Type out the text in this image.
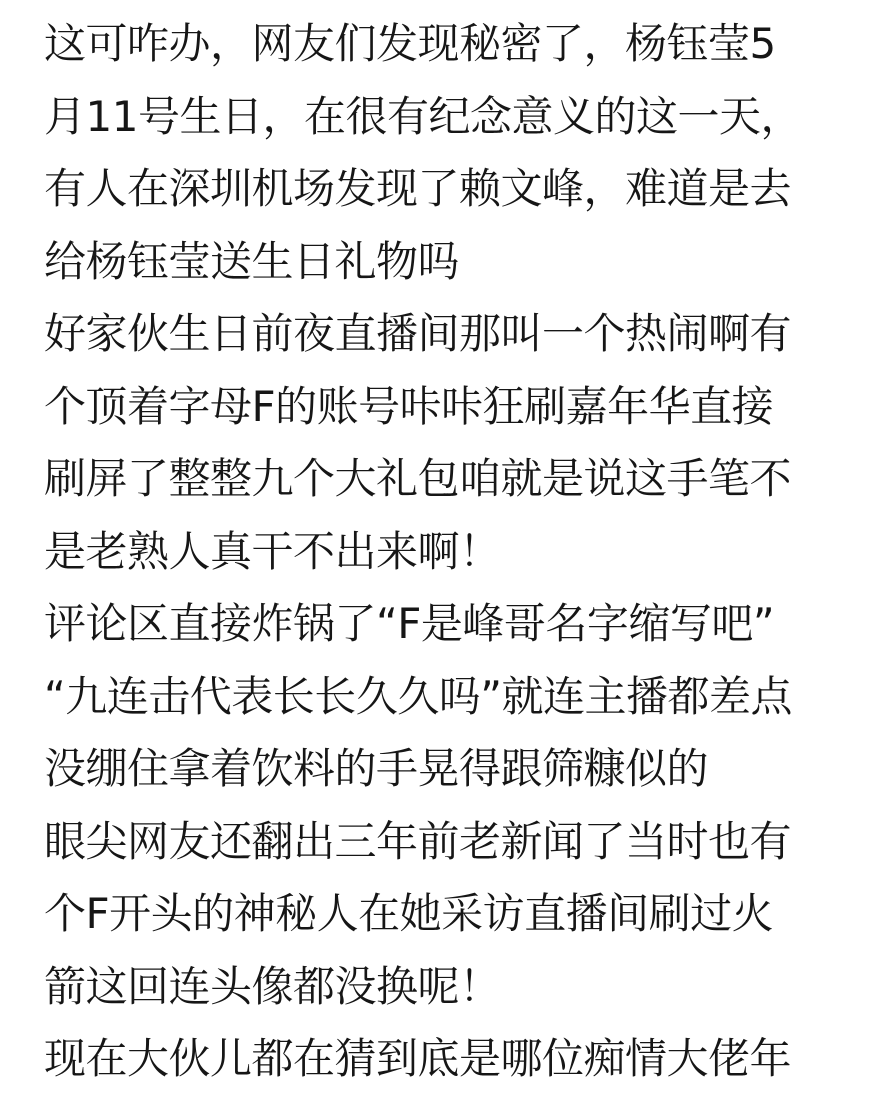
这可咋办，网友们发现秘密了，杨钰莹5
月11号生日，在很有纪念意义的这一天，
有人在深圳机场发现了赖文峰，难道是去
给杨钰莹送生日礼物吗
好家伙生日前夜直播间那叫一个热闹啊有
个顶着字母F的账号咔咔狂刷嘉年华直接
刷屏了整整九个大礼包咱就是说这手笔不
是老熟人真干不出来啊！
评论区直接炸锅了“F是峰哥名字缩写吧”
“九连击代表长长久久吗”就连主播都差点
没绷住拿着饮料的手晃得跟筛糠似的
眼尖网友还翻出三年前老新闻了当时也有
个F开头的神秘人在她采访直播间刷过火
箭这回连头像都没换呢！
现在大伙儿都在猜到底是哪位痴情大佬年
